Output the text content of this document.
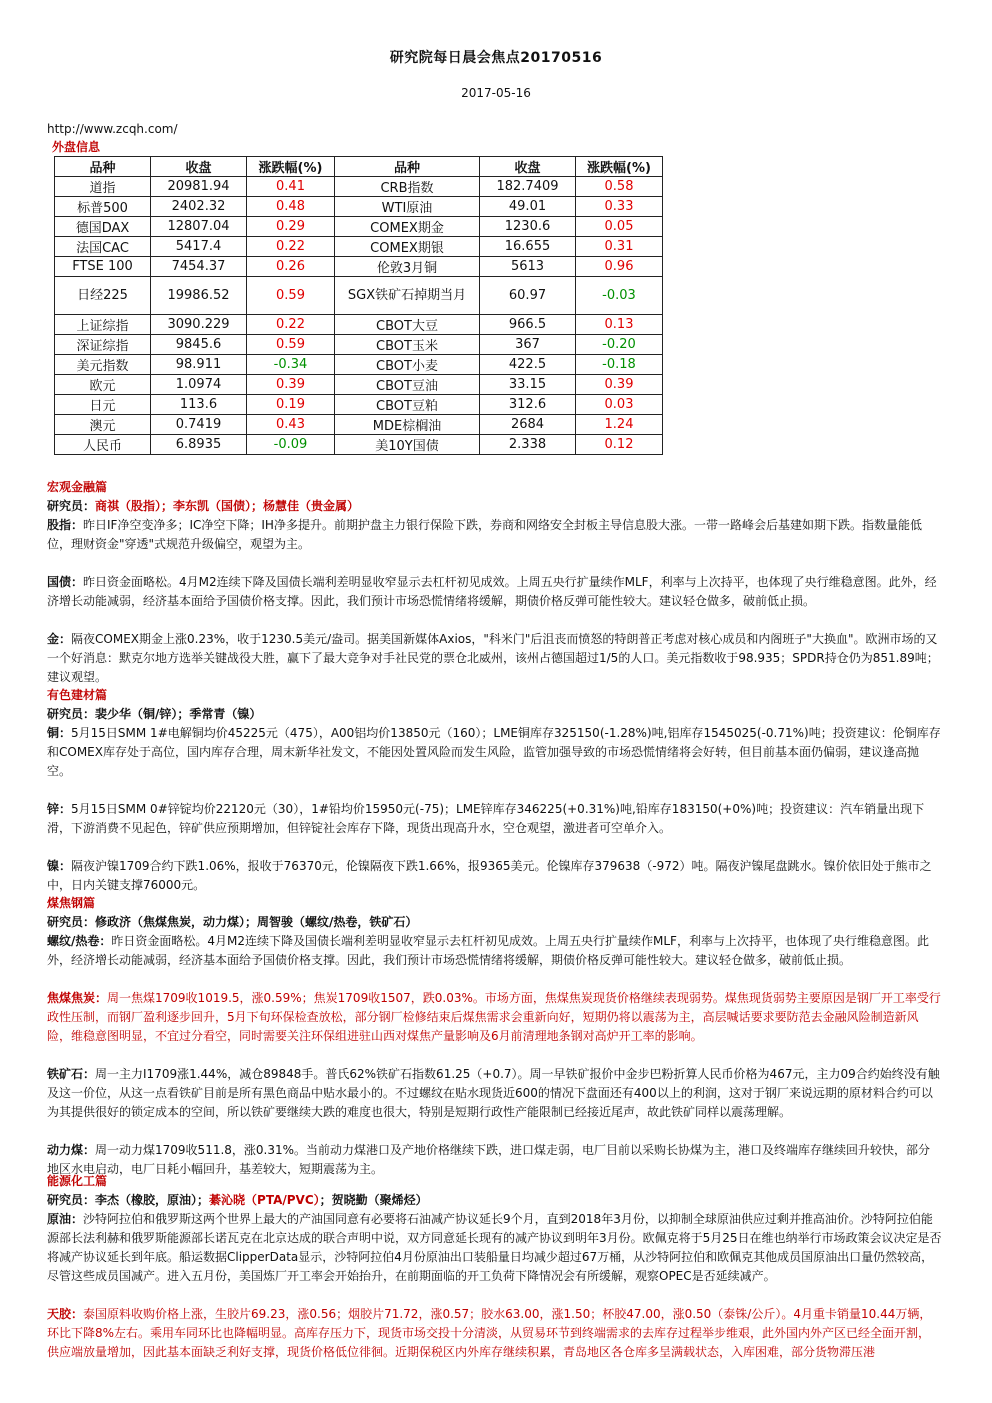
研究院每日晨会焦点20170516
2017-05-16
http://www.zcqh.com/
外盘信息
品种	收盘	涨跌幅(%)	品种	收盘	涨跌幅(%)
道指	20981.94	0.41	CRB指数	182.7409	0.58
标普500	2402.32	0.48	WTI原油	49.01	0.33
德国DAX	12807.04	0.29	COMEX期金	1230.6	0.05
法国CAC	5417.4	0.22	COMEX期银	16.655	0.31
FTSE 100	7454.37	0.26	伦敦3月铜	5613	0.96
日经225	19986.52	0.59	SGX铁矿石掉期当月	60.97	-0.03
上证综指	3090.229	0.22	CBOT大豆	966.5	0.13
深证综指	9845.6	0.59	CBOT玉米	367	-0.20
美元指数	98.911	-0.34	CBOT小麦	422.5	-0.18
欧元	1.0974	0.39	CBOT豆油	33.15	0.39
日元	113.6	0.19	CBOT豆粕	312.6	0.03
澳元	0.7419	0.43	MDE棕榈油	2684	1.24
人民币	6.8935	-0.09	美10Y国债	2.338	0.12
宏观金融篇
研究员：商祺（股指）；李东凯（国债）；杨慧佳（贵金属）

股指：昨日IF净空变净多；IC净空下降；IH净多提升。前期护盘主力银行保险下跌，券商和网络安全封板主导信息股大涨。一带一路峰会后基建如期下跌。指数量能低位，理财资金"穿透"式规范升级偏空，观望为主。

国债：昨日资金面略松。4月M2连续下降及国债长端利差明显收窄显示去杠杆初见成效。上周五央行扩量续作MLF，利率与上次持平，也体现了央行维稳意图。此外，经济增长动能减弱，经济基本面给予国债价格支撑。因此，我们预计市场恐慌情绪将缓解，期债价格反弹可能性较大。建议轻仓做多，破前低止损。

金：隔夜COMEX期金上涨0.23%，收于1230.5美元/盎司。据美国新媒体Axios，"科米门"后沮丧而愤怒的特朗普正考虑对核心成员和内阁班子"大换血"。欧洲市场的又一个好消息：默克尔地方选举关键战役大胜，赢下了最大竞争对手社民党的票仓北威州，该州占德国超过1/5的人口。美元指数收于98.935；SPDR持仓仍为851.89吨；建议观望。

有色建材篇
研究员：裴少华（铜/锌）；季常青（镍）

铜：5月15日SMM 1#电解铜均价45225元（475），A00铝均价13850元（160）；LME铜库存325150(-1.28%)吨,铝库存1545025(-0.71%)吨；投资建议：伦铜库存和COMEX库存处于高位，国内库存合理，周末新华社发文，不能因处置风险而发生风险，监管加强导致的市场恐慌情绪将会好转，但目前基本面仍偏弱，建议逢高抛空。

锌：5月15日SMM 0#锌锭均价22120元（30），1#铅均价15950元(-75)；LME锌库存346225(+0.31%)吨,铅库存183150(+0%)吨；投资建议：汽车销量出现下滑，下游消费不见起色，锌矿供应预期增加，但锌锭社会库存下降，现货出现高升水，空仓观望，激进者可空单介入。

镍：隔夜沪镍1709合约下跌1.06%，报收于76370元，伦镍隔夜下跌1.66%，报9365美元。伦镍库存379638（-972）吨。隔夜沪镍尾盘跳水。镍价依旧处于熊市之中，日内关键支撑76000元。

煤焦钢篇
研究员：修政济（焦煤焦炭，动力煤）；周智骏（螺纹/热卷，铁矿石）

螺纹/热卷：昨日资金面略松。4月M2连续下降及国债长端利差明显收窄显示去杠杆初见成效。上周五央行扩量续作MLF，利率与上次持平，也体现了央行维稳意图。此外，经济增长动能减弱，经济基本面给予国债价格支撑。因此，我们预计市场恐慌情绪将缓解，期债价格反弹可能性较大。建议轻仓做多，破前低止损。

焦煤焦炭：周一焦煤1709收1019.5，涨0.59%；焦炭1709收1507，跌0.03%。市场方面，焦煤焦炭现货价格继续表现弱势。煤焦现货弱势主要原因是钢厂开工率受行政性压制，而钢厂盈利逐步回升，5月下旬环保检查放松，部分钢厂检修结束后煤焦需求会重新向好，短期仍将以震荡为主，高层喊话要求要防范去金融风险制造新风险，维稳意图明显，不宜过分看空，同时需要关注环保组进驻山西对煤焦产量影响及6月前清理地条钢对高炉开工率的影响。

铁矿石：周一主力I1709涨1.44%，减仓89848手。普氏62%铁矿石指数61.25（+0.7）。周一早铁矿报价中金步巴粉折算人民币价格为467元，主力09合约始终没有触及这一价位，从这一点看铁矿目前是所有黑色商品中贴水最小的。不过螺纹在贴水现货近600的情况下盘面还有400以上的利润，这对于钢厂来说远期的原材料合约可以为其提供很好的锁定成本的空间，所以铁矿要继续大跌的难度也很大，特别是短期行政性产能限制已经接近尾声，故此铁矿同样以震荡理解。

动力煤：周一动力煤1709收511.8，涨0.31%。当前动力煤港口及产地价格继续下跌，进口煤走弱，电厂目前以采购长协煤为主，港口及终端库存继续回升较快，部分地区水电启动，电厂日耗小幅回升，基差较大，短期震荡为主。

能源化工篇
研究员：李杰（橡胶，原油）；綦沁晓（PTA/PVC）；贺晓勤（聚烯烃）

原油：沙特阿拉伯和俄罗斯这两个世界上最大的产油国同意有必要将石油减产协议延长9个月，直到2018年3月份，以抑制全球原油供应过剩并推高油价。沙特阿拉伯能源部长法利赫和俄罗斯能源部长诺瓦克在北京达成的联合声明中说，双方同意延长现有的减产协议到明年3月份。欧佩克将于5月25日在维也纳举行市场政策会议决定是否将减产协议延长到年底。船运数据ClipperData显示，沙特阿拉伯4月份原油出口装船量日均减少超过67万桶，从沙特阿拉伯和欧佩克其他成员国原油出口量仍然较高，尽管这些成员国减产。进入五月份，美国炼厂开工率会开始抬升，在前期面临的开工负荷下降情况会有所缓解，观察OPEC是否延续减产。

天胶：泰国原料收购价格上涨，生胶片69.23，涨0.56；烟胶片71.72，涨0.57；胶水63.00，涨1.50；杯胶47.00，涨0.50（泰铢/公斤）。4月重卡销量10.44万辆，环比下降8%左右。乘用车同环比也降幅明显。高库存压力下，现货市场交投十分清淡，从贸易环节到终端需求的去库存过程举步维艰，此外国内外产区已经全面开割，供应端放量增加，因此基本面缺乏利好支撑，现货价格低位徘徊。近期保税区内外库存继续积累，青岛地区各仓库多呈满载状态，入库困难，部分货物滞压港
